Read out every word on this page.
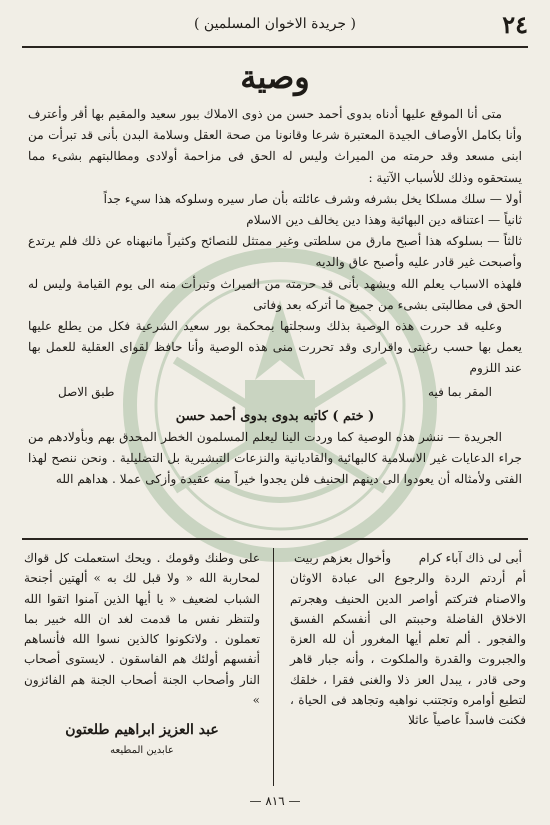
٢٤
( جريدة الاخوان المسلمين )
وصية

متى أنا الموقع عليها أدناه بدوى أحمد حسن من ذوى الاملاك ببور سعيد والمقيم بها أقر وأعترف وأنا بكامل الأوصاف الجيدة المعتبرة شرعا وقانونا من صحة العقل وسلامة البدن بأنى قد تبرأت من ابنى مسعد وقد حرمته من الميراث وليس له الحق فى مزاحمة أولادى ومطالبتهم بشىء مما يستحقوه وذلك للأسباب الآتية :

أولا — سلك مسلكا يخل بشرفه وشرف عائلته بأن صار سيره وسلوكه هذا سيء جداً

ثانياً — اعتناقه دين البهائية وهذا دين يخالف دين الاسلام

ثالثاً — بسلوكه هذا أصبح مارق من سلطتى وغير ممتثل للنصائح وكثيراً مانبهناه عن ذلك فلم يرتدع وأصبحت غير قادر عليه وأصبح عاق والديه

فلهذه الاسباب يعلم الله ويشهد بأنى قد حرمته من الميراث وتبرأت منه الى يوم القيامة وليس له الحق فى مطالبتى بشىء من جميع ما أتركه بعد وفاتى

وعليه قد حررت هذه الوصية بذلك وسجلتها بمحكمة بور سعيد الشرعية فكل من يطلع عليها يعمل بها حسب رغبتى واقرارى وقد تحررت منى هذه الوصية وأنا حافظ لقواى العقلية للعمل بها عند اللزوم

المقر بما فيه
طبق الاصل
( ختم ) كاتبه بدوى بدوى أحمد حسن

الجريدة — ننشر هذه الوصية كما وردت الينا ليعلم المسلمون الخطر المحدق بهم وبأولادهم من جراء الدعايات غير الاسلامية كالبهائية والقاديانية والنزعات التبشيرية بل التضليلية . ونحن ننصح لهذا الفتى ولأمثاله أن يعودوا الى دينهم الحنيف فلن يجدوا خيراً منه عقيدة وأزكى عملا . هداهم الله

أبى لى ذاك آباء كرام
وأخوال بعزهم ربيت

أم أردتم الردة والرجوع الى عبادة الاوثان والاصنام فتركتم أواصر الدين الحنيف وهجرتم الاخلاق الفاضلة وحببتم الى أنفسكم الفسق والفجور . ألم تعلم أيها المغرور أن لله العزة والجبروت والقدرة والملكوت ، وأنه جبار قاهر وحى قادر ، يبدل العز ذلا والغنى فقرا ، خلقك لتطيع أوامره وتجتنب نواهيه وتجاهد فى الحياة ، فكنت فاسداً عاصياً عاثلا

على وطنك وقومك . ويحك استعملت كل قواك لمحاربة الله « ولا قبل لك به » ألهتين أجنحة الشباب لضعيف « يا أيها الذين آمنوا اتقوا الله ولتنظر نفس ما قدمت لغد ان الله خبير بما تعملون . ولاتكونوا كالذين نسوا الله فأنساهم أنفسهم أولئك هم الفاسقون . لايستوى أصحاب النار وأصحاب الجنة أصحاب الجنة هم الفائزون »

عبد العزيز ابراهيم طلعتون
عابدين المطيعه
— ٨١٦ —
